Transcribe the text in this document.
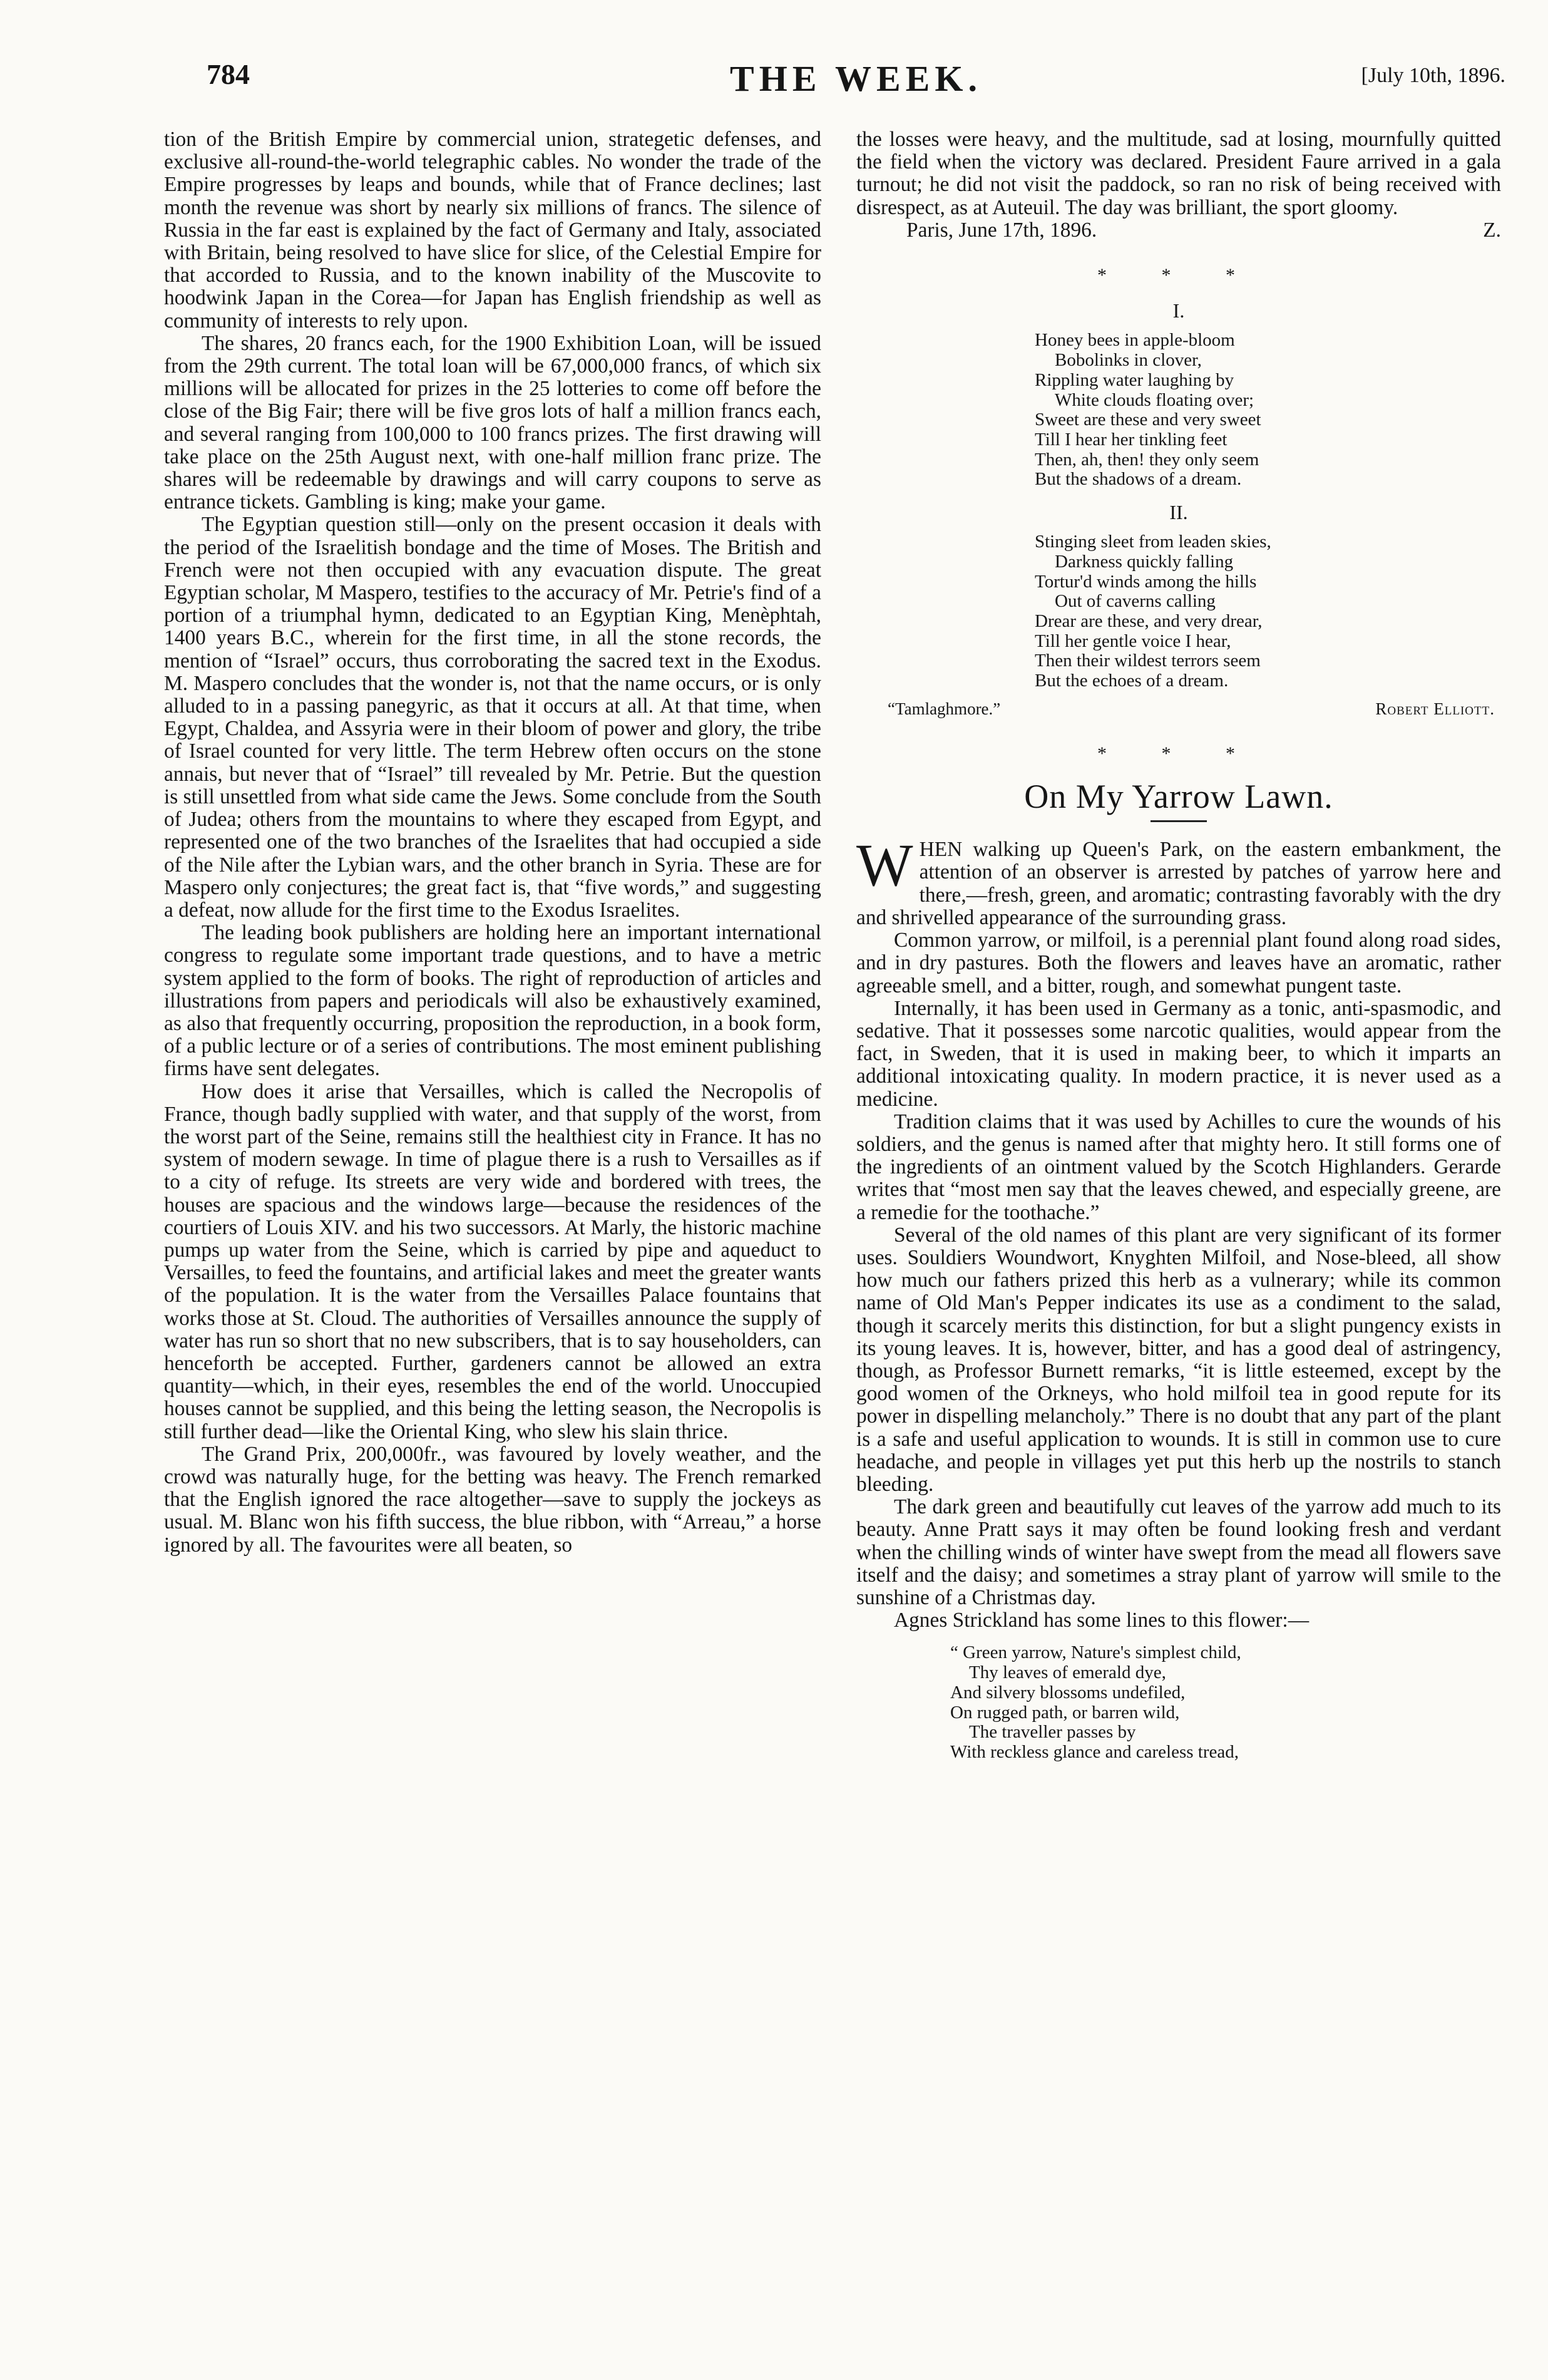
784	THE WEEK.	[July 10th, 1896.

tion of the British Empire by commercial union, strategetic defenses, and exclusive all-round-the-world telegraphic cables. No wonder the trade of the Empire progresses by leaps and bounds, while that of France declines; last month the revenue was short by nearly six millions of francs. The silence of Russia in the far east is explained by the fact of Germany and Italy, associated with Britain, being resolved to have slice for slice, of the Celestial Empire for that accorded to Russia, and to the known inability of the Muscovite to hoodwink Japan in the Corea—for Japan has English friendship as well as community of interests to rely upon.

The shares, 20 francs each, for the 1900 Exhibition Loan, will be issued from the 29th current. The total loan will be 67,000,000 francs, of which six millions will be allocated for prizes in the 25 lotteries to come off before the close of the Big Fair; there will be five gros lots of half a million francs each, and several ranging from 100,000 to 100 francs prizes. The first drawing will take place on the 25th August next, with one-half million franc prize. The shares will be redeemable by drawings and will carry coupons to serve as entrance tickets. Gambling is king; make your game.

The Egyptian question still—only on the present occasion it deals with the period of the Israelitish bondage and the time of Moses. The British and French were not then occupied with any evacuation dispute. The great Egyptian scholar, M Maspero, testifies to the accuracy of Mr. Petrie's find of a portion of a triumphal hymn, dedicated to an Egyptian King, Menèphtah, 1400 years B.C., wherein for the first time, in all the stone records, the mention of “Israel” occurs, thus corroborating the sacred text in the Exodus. M. Maspero concludes that the wonder is, not that the name occurs, or is only alluded to in a passing panegyric, as that it occurs at all. At that time, when Egypt, Chaldea, and Assyria were in their bloom of power and glory, the tribe of Israel counted for very little. The term Hebrew often occurs on the stone annais, but never that of “Israel” till revealed by Mr. Petrie. But the question is still unsettled from what side came the Jews. Some conclude from the South of Judea; others from the mountains to where they escaped from Egypt, and represented one of the two branches of the Israelites that had occupied a side of the Nile after the Lybian wars, and the other branch in Syria. These are for Maspero only conjectures; the great fact is, that “five words,” and suggesting a defeat, now allude for the first time to the Exodus Israelites.

The leading book publishers are holding here an important international congress to regulate some important trade questions, and to have a metric system applied to the form of books. The right of reproduction of articles and illustrations from papers and periodicals will also be exhaustively examined, as also that frequently occurring, proposition the reproduction, in a book form, of a public lecture or of a series of contributions. The most eminent publishing firms have sent delegates.

How does it arise that Versailles, which is called the Necropolis of France, though badly supplied with water, and that supply of the worst, from the worst part of the Seine, remains still the healthiest city in France. It has no system of modern sewage. In time of plague there is a rush to Versailles as if to a city of refuge. Its streets are very wide and bordered with trees, the houses are spacious and the windows large—because the residences of the courtiers of Louis XIV. and his two successors. At Marly, the historic machine pumps up water from the Seine, which is carried by pipe and aqueduct to Versailles, to feed the fountains, and artificial lakes and meet the greater wants of the population. It is the water from the Versailles Palace fountains that works those at St. Cloud. The authorities of Versailles announce the supply of water has run so short that no new subscribers, that is to say householders, can henceforth be accepted. Further, gardeners cannot be allowed an extra quantity—which, in their eyes, resembles the end of the world. Unoccupied houses cannot be supplied, and this being the letting season, the Necropolis is still further dead—like the Oriental King, who slew his slain thrice.

The Grand Prix, 200,000fr., was favoured by lovely weather, and the crowd was naturally huge, for the betting was heavy. The French remarked that the English ignored the race altogether—save to supply the jockeys as usual. M. Blanc won his fifth success, the blue ribbon, with “Arreau,” a horse ignored by all. The favourites were all beaten, so

the losses were heavy, and the multitude, sad at losing, mournfully quitted the field when the victory was declared. President Faure arrived in a gala turnout; he did not visit the paddock, so ran no risk of being received with disrespect, as at Auteuil. The day was brilliant, the sport gloomy.

Paris, June 17th, 1896.	Z.
* * *
I.
Honey bees in apple-bloom
Bobolinks in clover,
Rippling water laughing by
White clouds floating over;
Sweet are these and very sweet
Till I hear her tinkling feet
Then, ah, then! they only seem
But the shadows of a dream.
II.
Stinging sleet from leaden skies,
Darkness quickly falling
Tortur'd winds among the hills
Out of caverns calling
Drear are these, and very drear,
Till her gentle voice I hear,
Then their wildest terrors seem
But the echoes of a dream.
“Tamlaghmore.”	Robert Elliott.
* * *
On My Yarrow Lawn.

WHEN walking up Queen's Park, on the eastern embankment, the attention of an observer is arrested by patches of yarrow here and there,—fresh, green, and aromatic; contrasting favorably with the dry and shrivelled appearance of the surrounding grass.

Common yarrow, or milfoil, is a perennial plant found along road sides, and in dry pastures. Both the flowers and leaves have an aromatic, rather agreeable smell, and a bitter, rough, and somewhat pungent taste.

Internally, it has been used in Germany as a tonic, anti-spasmodic, and sedative. That it possesses some narcotic qualities, would appear from the fact, in Sweden, that it is used in making beer, to which it imparts an additional intoxicating quality. In modern practice, it is never used as a medicine.

Tradition claims that it was used by Achilles to cure the wounds of his soldiers, and the genus is named after that mighty hero. It still forms one of the ingredients of an ointment valued by the Scotch Highlanders. Gerarde writes that “most men say that the leaves chewed, and especially greene, are a remedie for the toothache.”

Several of the old names of this plant are very significant of its former uses. Souldiers Woundwort, Knyghten Milfoil, and Nose-bleed, all show how much our fathers prized this herb as a vulnerary; while its common name of Old Man's Pepper indicates its use as a condiment to the salad, though it scarcely merits this distinction, for but a slight pungency exists in its young leaves. It is, however, bitter, and has a good deal of astringency, though, as Professor Burnett remarks, “it is little esteemed, except by the good women of the Orkneys, who hold milfoil tea in good repute for its power in dispelling melancholy.” There is no doubt that any part of the plant is a safe and useful application to wounds. It is still in common use to cure headache, and people in villages yet put this herb up the nostrils to stanch bleeding.

The dark green and beautifully cut leaves of the yarrow add much to its beauty. Anne Pratt says it may often be found looking fresh and verdant when the chilling winds of winter have swept from the mead all flowers save itself and the daisy; and sometimes a stray plant of yarrow will smile to the sunshine of a Christmas day.

Agnes Strickland has some lines to this flower:—

“ Green yarrow, Nature's simplest child,
Thy leaves of emerald dye,
And silvery blossoms undefiled,
On rugged path, or barren wild,
The traveller passes by
With reckless glance and careless tread,
